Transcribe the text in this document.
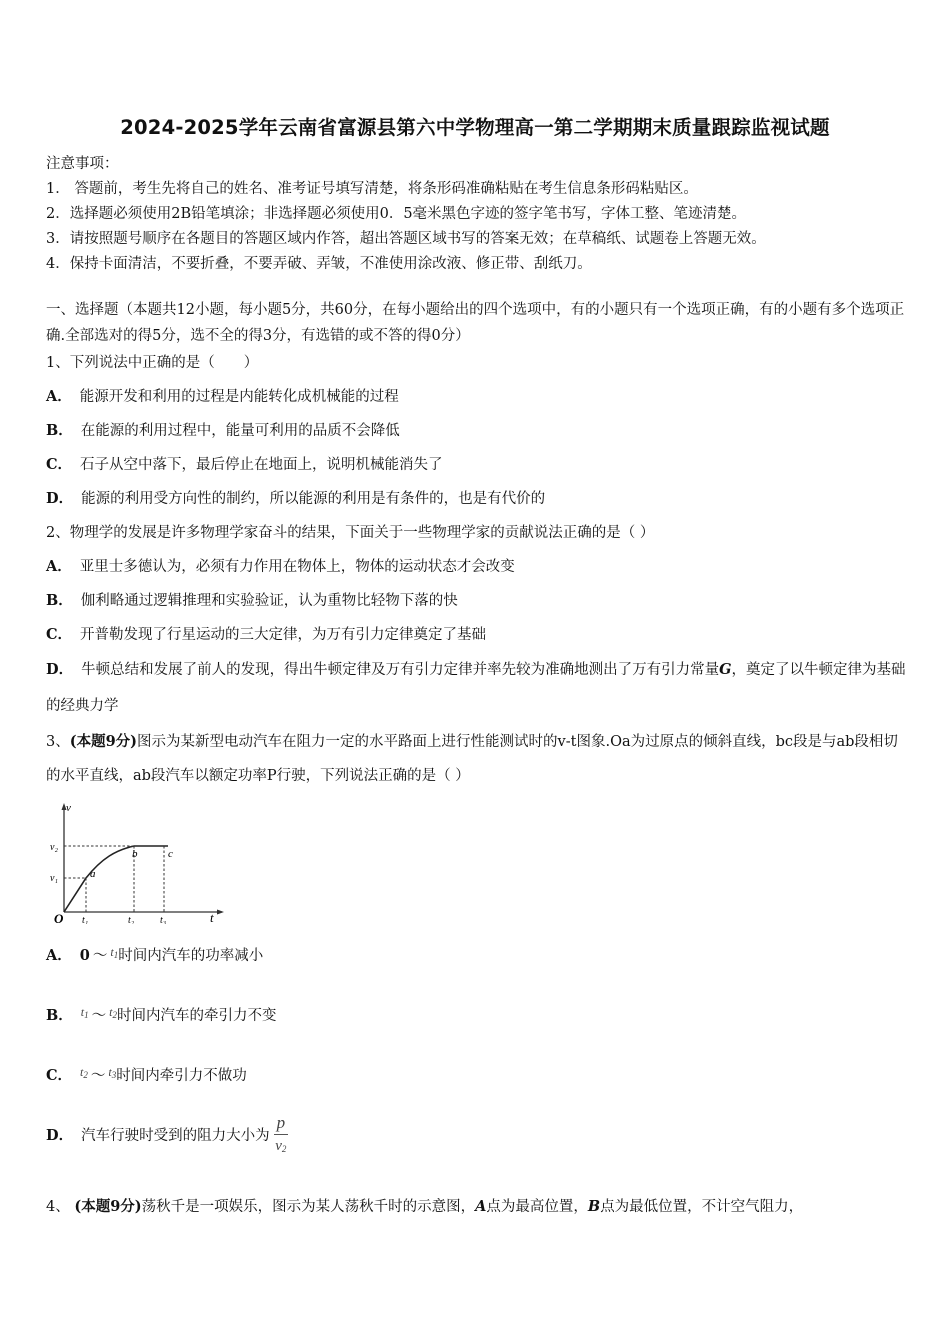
2024-2025学年云南省富源县第六中学物理高一第二学期期末质量跟踪监视试题
注意事项：
1． 答题前，考生先将自己的姓名、准考证号填写清楚，将条形码准确粘贴在考生信息条形码粘贴区。
2．选择题必须使用2B铅笔填涂；非选择题必须使用0．5毫米黑色字迹的签字笔书写，字体工整、笔迹清楚。
3．请按照题号顺序在各题目的答题区域内作答，超出答题区域书写的答案无效；在草稿纸、试题卷上答题无效。
4．保持卡面清洁，不要折叠，不要弄破、弄皱，不准使用涂改液、修正带、刮纸刀。
一、选择题（本题共12小题，每小题5分，共60分，在每小题给出的四个选项中，有的小题只有一个选项正确，有的小题有多个选项正确.全部选对的得5分，选不全的得3分，有选错的或不答的得0分）
1、下列说法中正确的是（　　）
A． 能源开发和利用的过程是内能转化成机械能的过程
B． 在能源的利用过程中，能量可利用的品质不会降低
C． 石子从空中落下，最后停止在地面上，说明机械能消失了
D． 能源的利用受方向性的制约，所以能源的利用是有条件的，也是有代价的
2、物理学的发展是许多物理学家奋斗的结果，下面关于一些物理学家的贡献说法正确的是（ ）
A． 亚里士多德认为，必须有力作用在物体上，物体的运动状态才会改变
B． 伽利略通过逻辑推理和实验验证，认为重物比轻物下落的快
C． 开普勒发现了行星运动的三大定律，为万有引力定律奠定了基础
D． 牛顿总结和发展了前人的发现，得出牛顿定律及万有引力定律并率先较为准确地测出了万有引力常量G，奠定了以牛顿定律为基础的经典力学
3、(本题9分)图示为某新型电动汽车在阻力一定的水平路面上进行性能测试时的v-t图象.Oa为过原点的倾斜直线，bc段是与ab段相切的水平直线，ab段汽车以额定功率P行驶，下列说法正确的是（ ）
v
t
O
v₂
v₁
t₁	t₂	t₃
a
b	c
A． 0 ～ $^{t_1}$时间内汽车的功率减小
B． $^{t_1}$ ～ $^{t_2}$时间内汽车的牵引力不变
C． $^{t_2}$ ～ $^{t_3}$时间内牵引力不做功
D． 汽车行驶时受到的阻力大小为 $\frac{p}{v_2}$
4、 (本题9分)荡秋千是一项娱乐，图示为某人荡秋千时的示意图，A点为最高位置，B点为最低位置，不计空气阻力，
